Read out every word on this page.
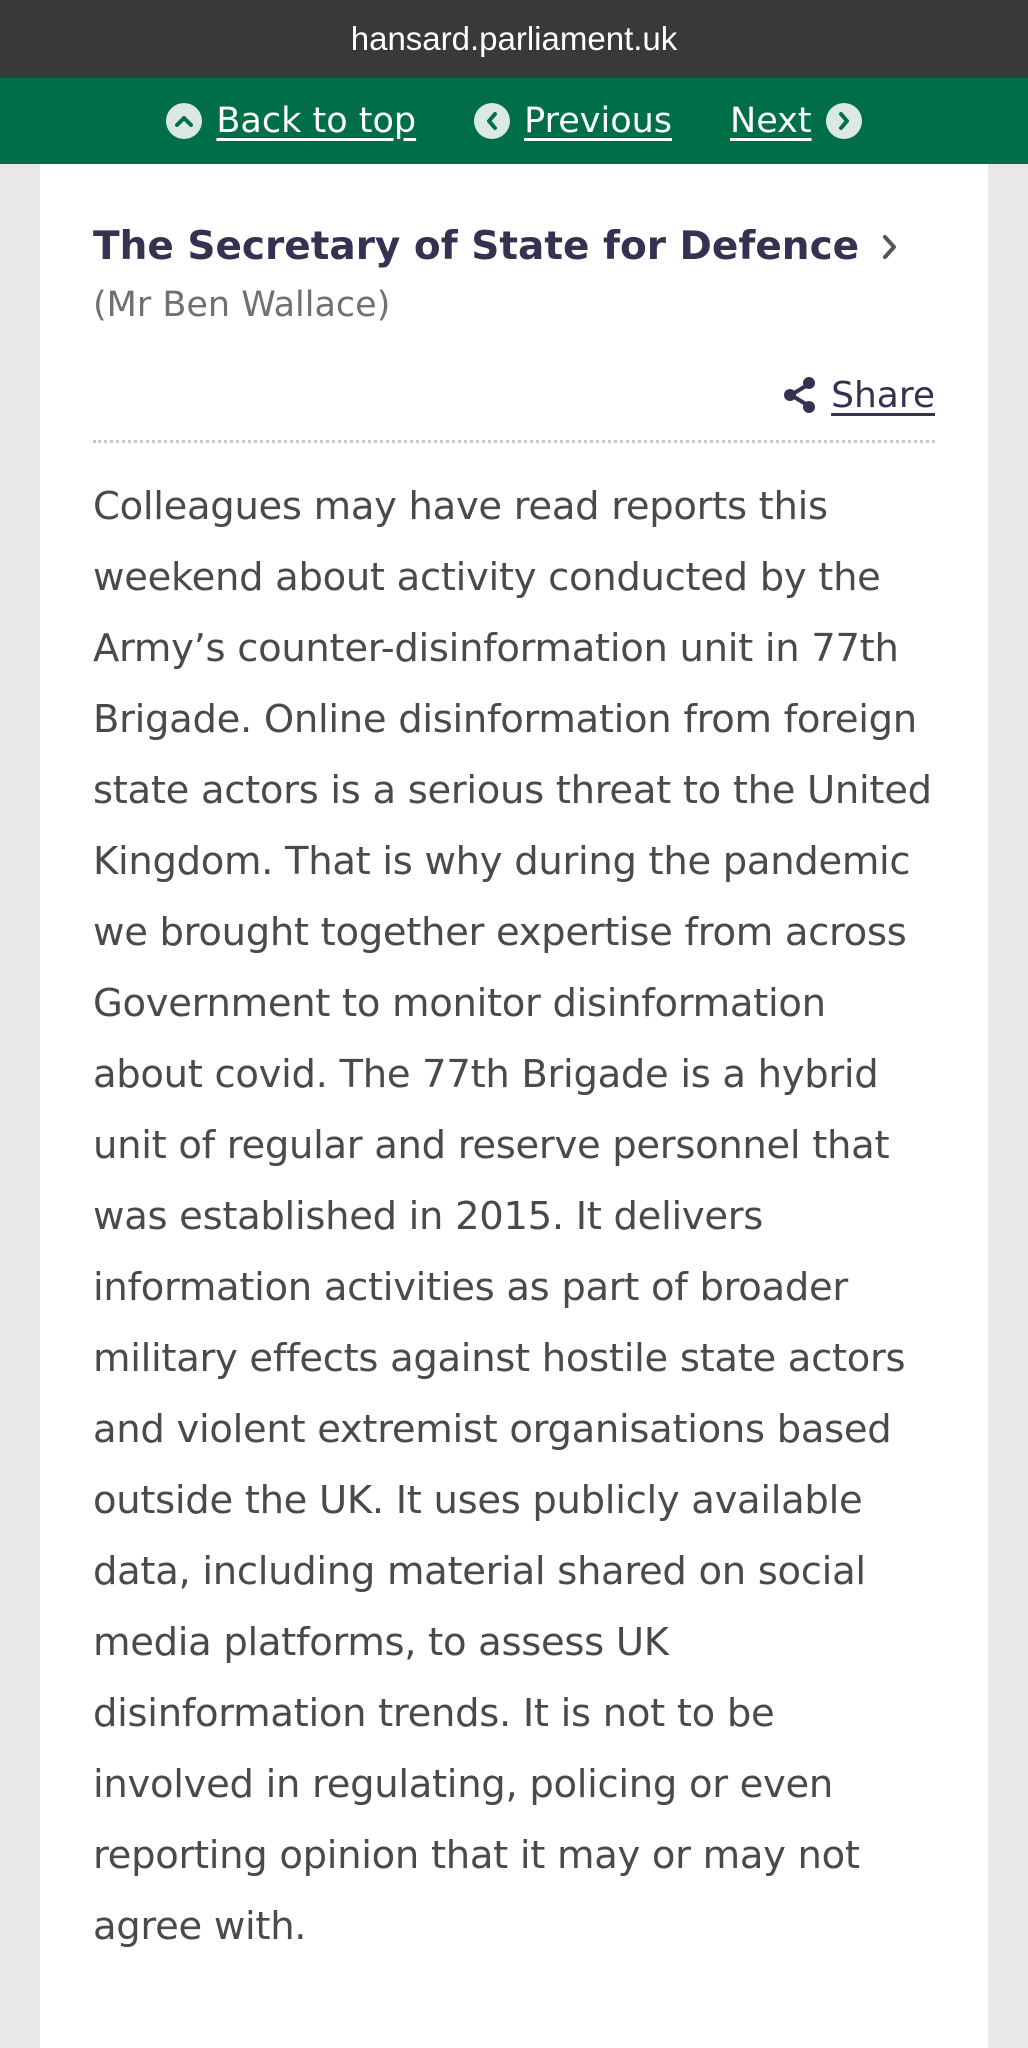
hansard.parliament.uk
Back to top	Previous Next
The Secretary of State for Defence
(Mr Ben Wallace)
Share

Colleagues may have read reports this weekend about activity conducted by the Army’s counter-disinformation unit in 77th Brigade. Online disinformation from foreign state actors is a serious threat to the United Kingdom. That is why during the pandemic we brought together expertise from across Government to monitor disinformation about covid. The 77th Brigade is a hybrid unit of regular and reserve personnel that was established in 2015. It delivers information activities as part of broader military effects against hostile state actors and violent extremist organisations based outside the UK. It uses publicly available data, including material shared on social media platforms, to assess UK disinformation trends. It is not to be involved in regulating, policing or even reporting opinion that it may or may not agree with.
